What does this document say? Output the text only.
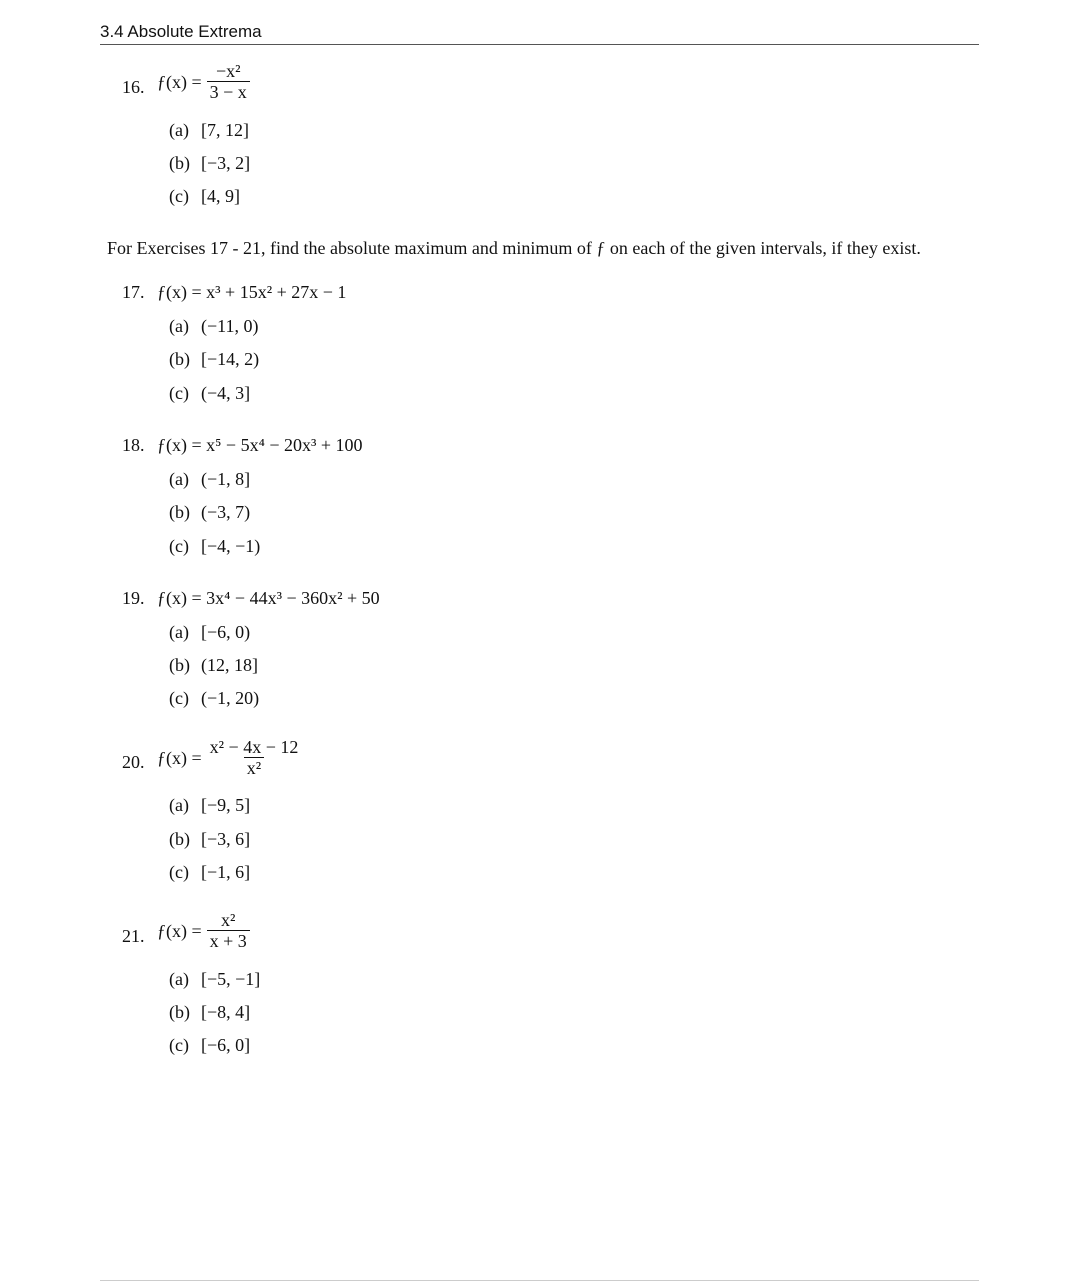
3.4 Absolute Extrema
16. ƒ(x) = $\frac{\text{−x²}}{3 - x}$
(a) [7, 12]
(b) [−3, 2]
(c) [4, 9]
For Exercises 17 - 21, find the absolute maximum and minimum of ƒ on each of the given intervals, if they exist.
17. ƒ(x) = x³ + 15x² + 27x − 1
(a) (−11, 0)
(b) [−14, 2)
(c) (−4, 3]
18. ƒ(x) = x⁵ − 5x⁴ − 20x³ + 100
(a) (−1, 8]
(b) (−3, 7)
(c) [−4, −1)
19. ƒ(x) = 3x⁴ − 44x³ − 360x² + 50
(a) [−6, 0)
(b) (12, 18]
(c) (−1, 20)
20. ƒ(x) = $\frac{\text{x² − 4x − 12}}{\text{x²}}$
(a) [−9, 5]
(b) [−3, 6]
(c) [−1, 6]
21. ƒ(x) = $\frac{\text{x²}}{x + 3}$
(a) [−5, −1]
(b) [−8, 4]
(c) [−6, 0]
